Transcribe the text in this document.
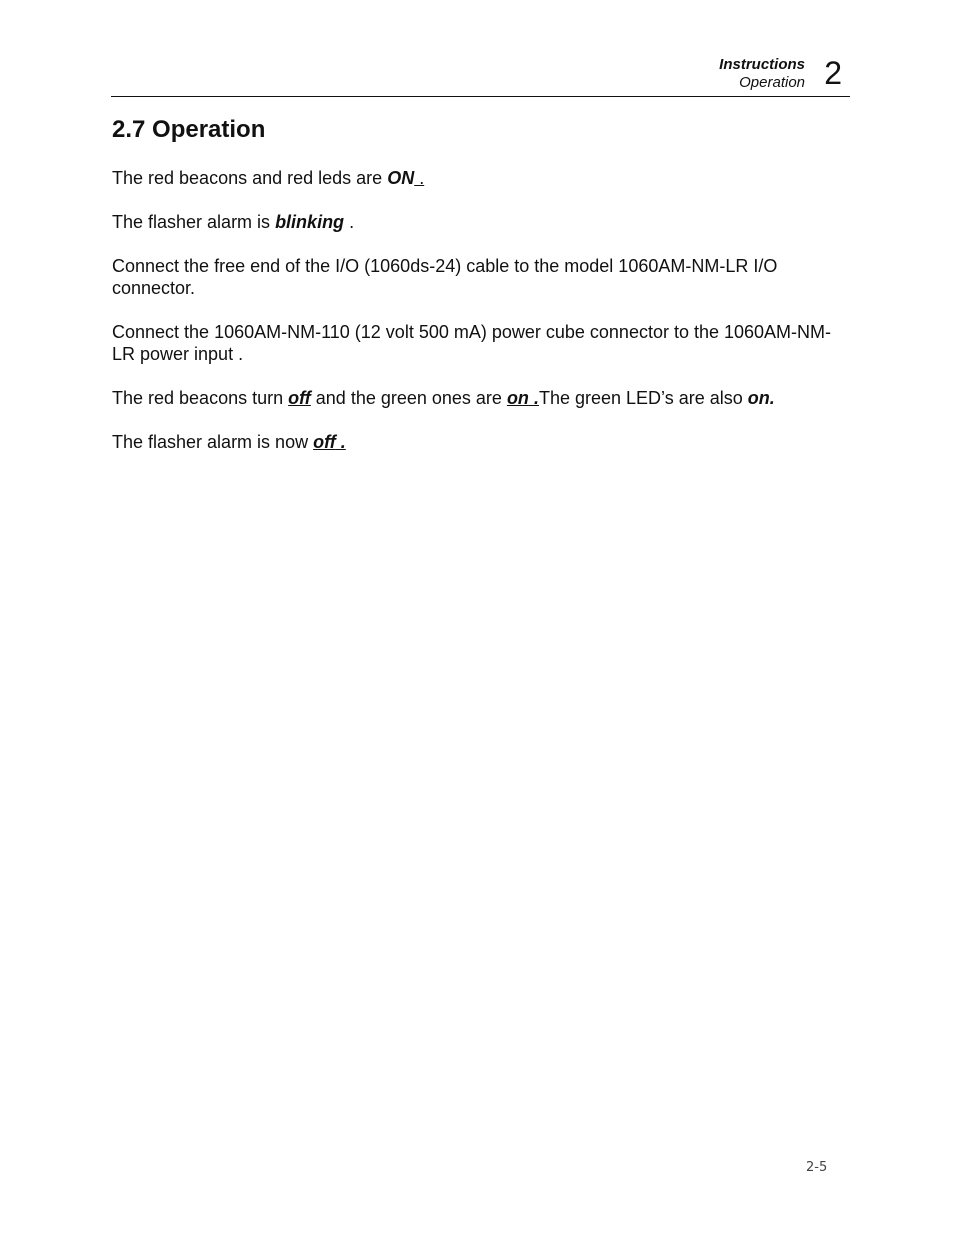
Instructions
Operation 2
2.7 Operation

The red beacons and red leds are ON .

The flasher alarm is blinking .

Connect the free end of the I/O (1060ds-24) cable to the model 1060AM-NM-LR I/O connector.

Connect the 1060AM-NM-110 (12 volt 500 mA) power cube connector to the 1060AM-NM-LR power input .

The red beacons turn off and the green ones are on .The green LED’s are also on.

The flasher alarm is now off .

2-5
